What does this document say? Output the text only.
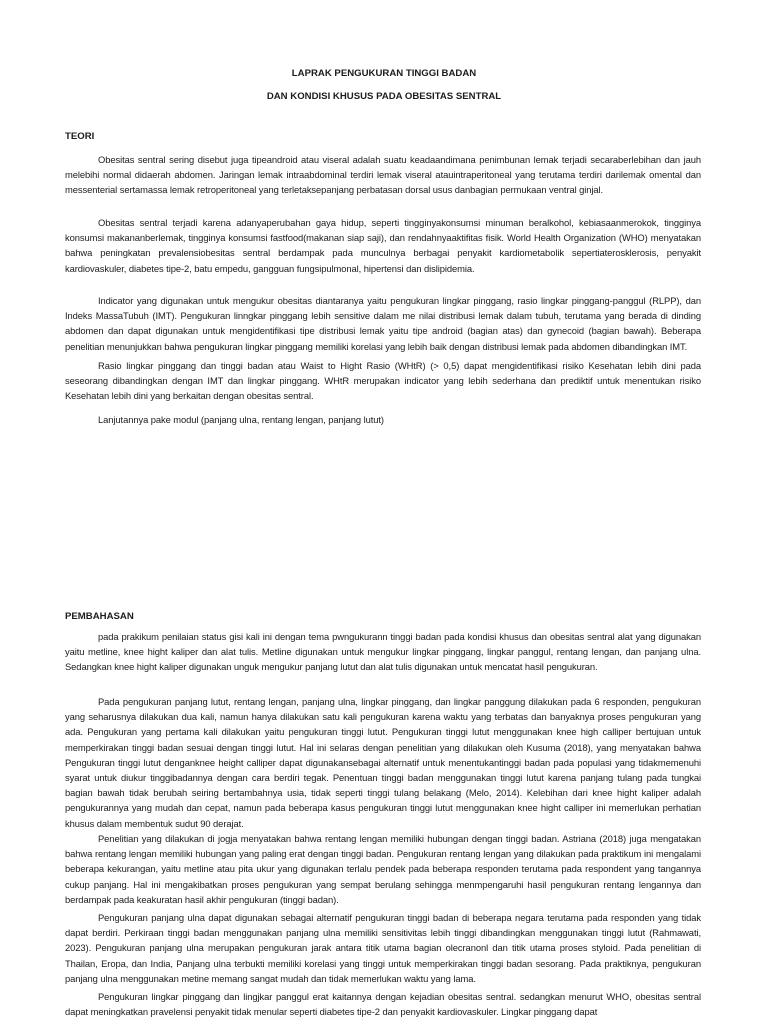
LAPRAK PENGUKURAN TINGGI BADAN

DAN KONDISI KHUSUS PADA OBESITAS SENTRAL

TEORI

Obesitas sentral sering disebut juga tipeandroid atau viseral adalah suatu keadaandimana penimbunan lemak terjadi secaraberlebihan dan jauh melebihi normal didaerah abdomen. Jaringan lemak intraabdominal terdiri lemak viseral atauintraperitoneal yang terutama terdiri darilemak omental dan messenterial sertamassa lemak retroperitoneal yang terletaksepanjang perbatasan dorsal usus danbagian permukaan ventral ginjal.

Obesitas sentral terjadi karena adanyaperubahan gaya hidup, seperti tingginyakonsumsi minuman beralkohol, kebiasaanmerokok, tingginya konsumsi makananberlemak, tingginya konsumsi fastfood(makanan siap saji), dan rendahnyaaktifitas fisik. World Health Organization (WHO) menyatakan bahwa peningkatan prevalensiobesitas sentral berdampak pada munculnya berbagai penyakit kardiometabolik sepertiaterosklerosis, penyakit kardiovaskuler, diabetes tipe-2, batu empedu, gangguan fungsipulmonal, hipertensi dan dislipidemia.

Indicator yang digunakan untuk mengukur obesitas diantaranya yaitu pengukuran lingkar pinggang, rasio lingkar pinggang-panggul (RLPP), dan Indeks MassaTubuh (IMT). Pengukuran linngkar pinggang lebih sensitive dalam me nilai distribusi lemak dalam tubuh, terutama yang berada di dinding abdomen dan dapat digunakan untuk mengidentifikasi tipe distribusi lemak yaitu tipe android (bagian atas) dan gynecoid (bagian bawah). Beberapa penelitian menunjukkan bahwa pengukuran lingkar pinggang memiliki korelasi yang lebih baik dengan distribusi lemak pada abdomen dibandingkan IMT.

Rasio lingkar pinggang dan tinggi badan atau Waist to Hight Rasio (WHtR) (> 0,5) dapat mengidentifikasi risiko Kesehatan lebih dini pada seseorang dibandingkan dengan IMT dan lingkar pinggang. WHtR merupakan indicator yang lebih sederhana dan prediktif untuk menentukan risiko Kesehatan lebih dini yang berkaitan dengan obesitas sentral.

Lanjutannya pake modul (panjang ulna, rentang lengan, panjang lutut)

PEMBAHASAN

pada prakikum penilaian status gisi kali ini dengan tema pwngukurann tinggi badan pada kondisi khusus dan obesitas sentral alat yang digunakan yaitu metline, knee hight kaliper dan alat tulis. Metline digunakan untuk mengukur lingkar pinggang, lingkar panggul, rentang lengan, dan panjang ulna. Sedangkan knee hight kaliper digunakan unguk mengukur panjang lutut dan alat tulis digunakan untuk mencatat hasil pengukuran.

Pada pengukuran panjang lutut, rentang lengan, panjang ulna, lingkar pinggang, dan lingkar panggung dilakukan pada 6 responden, pengukuran yang seharusnya dilakukan dua kali, namun hanya dilakukan satu kali pengukuran karena waktu yang terbatas dan banyaknya proses pengukuran yang ada. Pengukuran yang pertama kali dilakukan yaitu pengukuran tinggi lutut. Pengukuran tinggi lutut menggunakan knee high calliper bertujuan untuk memperkirakan tinggi badan sesuai dengan tinggi lutut. Hal ini selaras dengan penelitian yang dilakukan oleh Kusuma (2018), yang menyatakan bahwa Pengukuran tinggi lutut denganknee height calliper dapat digunakansebagai alternatif untuk menentukantinggi badan pada populasi yang tidakmemenuhi syarat untuk diukur tinggibadannya dengan cara berdiri tegak. Penentuan tinggi badan menggunakan tinggi lutut karena panjang tulang pada tungkai bagian bawah tidak berubah seiring bertambahnya usia, tidak seperti tinggi tulang belakang (Melo, 2014). Kelebihan dari knee hight kaliper adalah pengukurannya yang mudah dan cepat, namun pada beberapa kasus pengukuran tinggi lutut menggunakan knee hight calliper ini memerlukan perhatian khusus dalam membentuk sudut 90 derajat.

Penelitian yang dilakukan di jogja menyatakan bahwa rentang lengan memiliki hubungan dengan tinggi badan. Astriana (2018) juga mengatakan bahwa rentang lengan memiliki hubungan yang paling erat dengan tinggi badan. Pengukuran rentang lengan yang dilakukan pada praktikum ini mengalami beberapa kekurangan, yaitu metline atau pita ukur yang digunakan terlalu pendek pada beberapa responden terutama pada respondent yang tangannya cukup panjang. Hal ini mengakibatkan proses pengukuran yang sempat berulang sehingga menmpengaruhi hasil pengukuran rentang lengannya dan berdampak pada keakuratan hasil akhir pengukuran (tinggi badan).

Pengukuran panjang ulna dapat digunakan sebagai alternatif pengukuran tinggi badan di beberapa negara terutama pada responden yang tidak dapat berdiri. Perkiraan tinggi badan menggunakan panjang ulna memiliki sensitivitas lebih tinggi dibandingkan menggunakan tinggi lutut (Rahmawati, 2023). Pengukuran panjang ulna merupakan pengukuran jarak antara titik utama bagian olecranonl dan titik utama proses styloid. Pada penelitian di Thailan, Eropa, dan India, Panjang ulna terbukti memiliki korelasi yang tinggi untuk memperkirakan tinggi badan sesorang. Pada praktiknya, pengukuran panjang ulna menggunakan metine memang sangat mudah dan tidak memerlukan waktu yang lama.

Pengukuran lingkar pinggang dan lingjkar panggul erat kaitannya dengan kejadian obesitas sentral. sedangkan menurut WHO, obesitas sentral dapat meningkatkan pravelensi penyakit tidak menular seperti diabetes tipe-2 dan penyakit kardiovaskuler. Lingkar pinggang dapat
